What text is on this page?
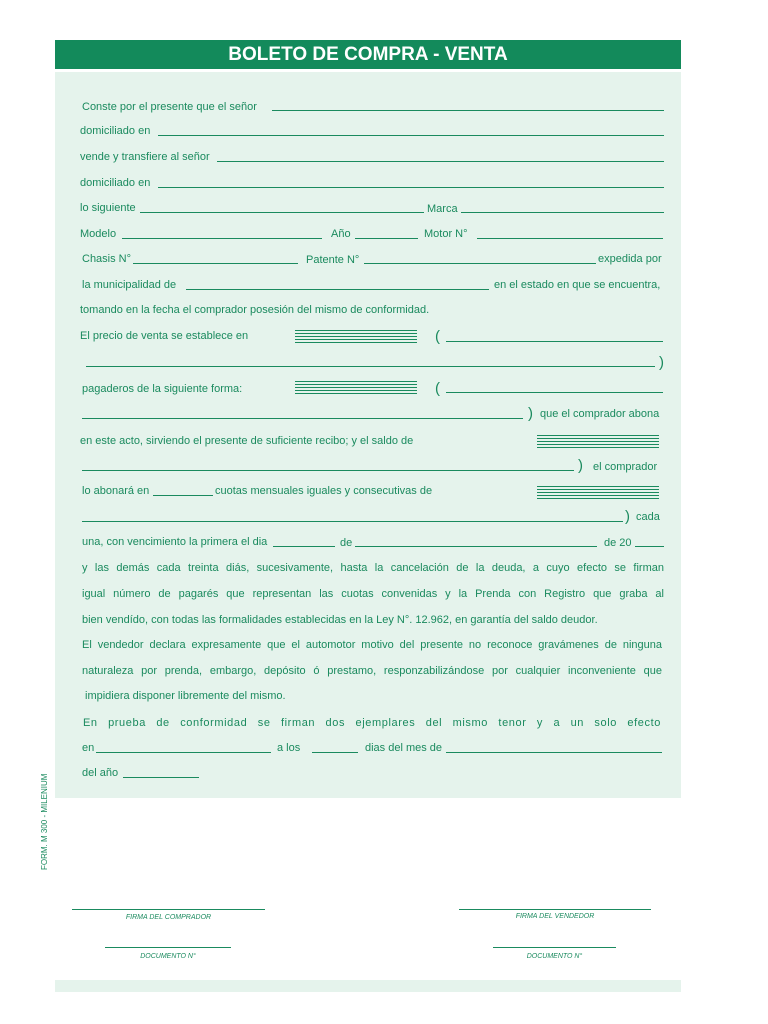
BOLETO DE COMPRA - VENTA
Conste por el presente que el señor
domiciliado en
vende y transfiere al señor
domiciliado en
lo siguiente	Marca
Modelo	Año	Motor N°
Chasis N°	Patente N°	expedida por
la municipalidad de	en el estado en que se encuentra,
tomando en la fecha el comprador posesión del mismo de conformidad.
El precio de venta se establece en	(
)
pagaderos de la siguiente forma:	(
) que el comprador abona
en este acto, sirviendo el presente de suficiente recibo; y el saldo de
) el comprador
lo abonará en	cuotas mensuales iguales y consecutivas de
) cada
una, con vencimiento la primera el dia	de	de 20
y las demás cada treinta diás, sucesivamente, hasta la cancelación de la deuda, a cuyo efecto se firman
igual número de pagarés que representan las cuotas convenidas y la Prenda con Registro que graba al
bien vendído, con todas las formalidades establecidas en la Ley N°. 12.962, en garantía del saldo deudor.
El vendedor declara expresamente que el automotor motivo del presente no reconoce gravámenes de ninguna
naturaleza por prenda, embargo, depósito ó prestamo, responzabilizándose por cualquier inconveniente que
impidiera disponer libremente del mismo.
En prueba de conformidad se firman dos ejemplares del mismo tenor y a un solo efecto
en	a los	dias del mes de
del año
FORM. M 300 - MILENIUM
FIRMA DEL COMPRADOR	FIRMA DEL VENDEDOR
DOCUMENTO N°	DOCUMENTO N°
